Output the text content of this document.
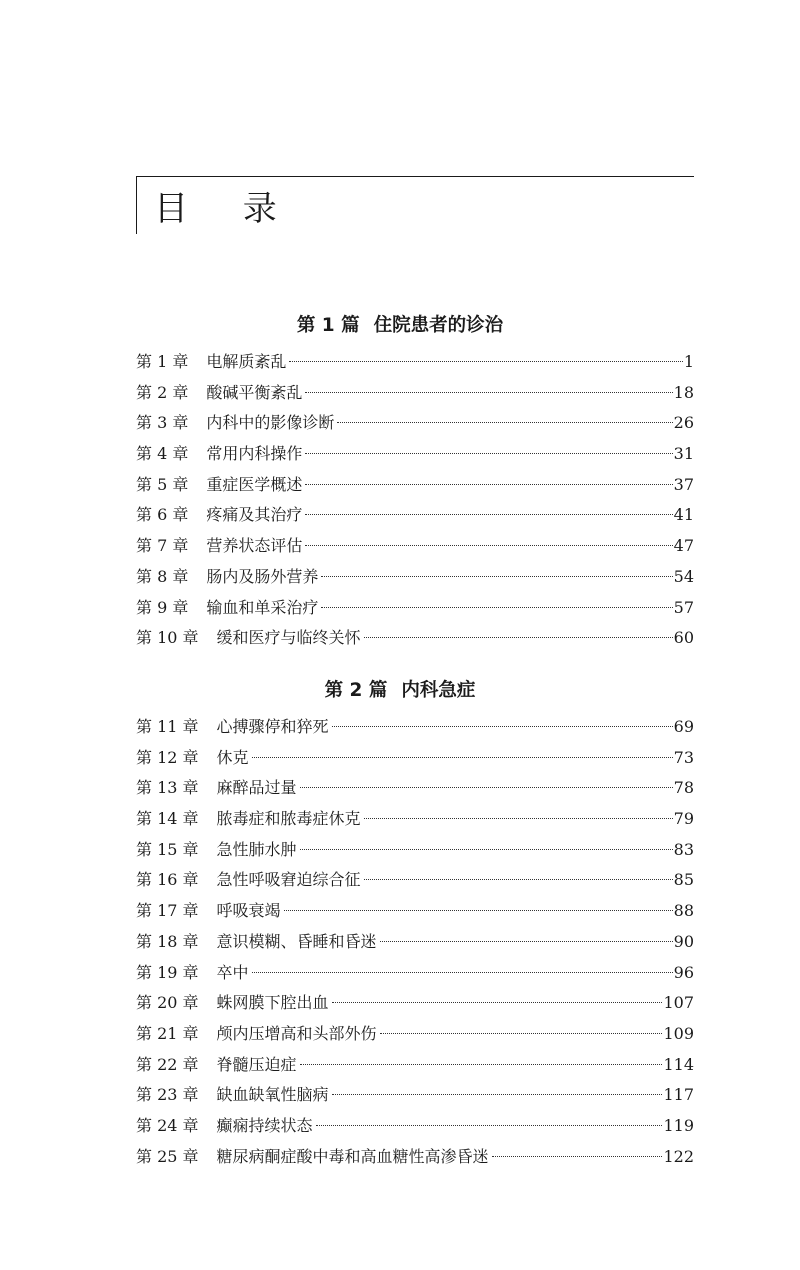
目 录
第 1 篇 住院患者的诊治
第 1 章	电解质紊乱	1
第 2 章	酸碱平衡紊乱	18
第 3 章	内科中的影像诊断	26
第 4 章	常用内科操作	31
第 5 章	重症医学概述	37
第 6 章	疼痛及其治疗	41
第 7 章	营养状态评估	47
第 8 章	肠内及肠外营养	54
第 9 章	输血和单采治疗	57
第 10 章	缓和医疗与临终关怀	60
第 2 篇 内科急症
第 11 章	心搏骤停和猝死	69
第 12 章	休克	73
第 13 章	麻醉品过量	78
第 14 章	脓毒症和脓毒症休克	79
第 15 章	急性肺水肿	83
第 16 章	急性呼吸窘迫综合征	85
第 17 章	呼吸衰竭	88
第 18 章	意识模糊、昏睡和昏迷	90
第 19 章	卒中	96
第 20 章	蛛网膜下腔出血	107
第 21 章	颅内压增高和头部外伤	109
第 22 章	脊髓压迫症	114
第 23 章	缺血缺氧性脑病	117
第 24 章	癫痫持续状态	119
第 25 章	糖尿病酮症酸中毒和高血糖性高渗昏迷	122
